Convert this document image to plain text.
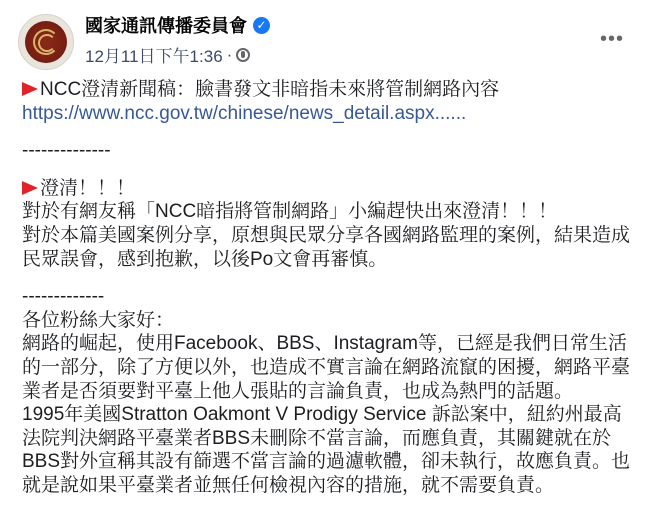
國家通訊傳播委員會 ✓
12月11日下午1:36 ·
•••
NCC澄清新聞稿：臉書發文非暗指未來將管制網路內容
https://www.ncc.gov.tw/chinese/news_detail.aspx......
--------------
澄清！！！
對於有網友稱「NCC暗指將管制網路」小編趕快出來澄清！！！
對於本篇美國案例分享，原想與民眾分享各國網路監理的案例，結果造成
民眾誤會，感到抱歉，以後Po文會再審慎。
-------------
各位粉絲大家好：
網路的崛起，使用Facebook、BBS、Instagram等，已經是我們日常生活
的一部分，除了方便以外，也造成不實言論在網路流竄的困擾，網路平臺
業者是否須要對平臺上他人張貼的言論負責，也成為熱門的話題。
1995年美國Stratton Oakmont V Prodigy Service 訴訟案中，紐約州最高
法院判決網路平臺業者BBS未刪除不當言論，而應負責，其關鍵就在於
BBS對外宣稱其設有篩選不當言論的過濾軟體，卻未執行，故應負責。也
就是說如果平臺業者並無任何檢視內容的措施，就不需要負責。
